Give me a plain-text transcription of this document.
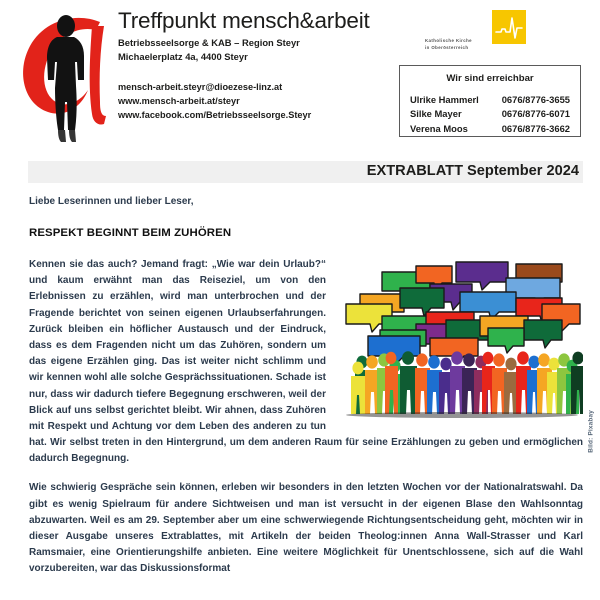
Treffpunkt mensch&arbeit
Betriebsseelsorge & KAB – Region Steyr
Michaelerplatz 4a, 4400 Steyr
mensch-arbeit.steyr@dioezese-linz.at
www.mensch-arbeit.at/steyr
www.facebook.com/Betriebsseelsorge.Steyr
Katholische Kirche
in Oberösterreich
Wir sind erreichbar
Ulrike Hammerl 0676/8776-3655
Silke Mayer	0676/8776-6071
Verena Moos	0676/8776-3662
EXTRABLATT September 2024
Liebe Leserinnen und lieber Leser,
RESPEKT BEGINNT BEIM ZUHÖREN
Bild: Pixabay
Kennen sie das auch? Jemand fragt: „Wie war dein Urlaub?“ und kaum erwähnt man das Reiseziel, um von den Erlebnissen zu erzählen, wird man unterbrochen und der Fragende berichtet von seinen eigenen Urlaubserfahrungen. Zurück bleiben ein höflicher Austausch und der Eindruck, dass es dem Fragenden nicht um das Zuhören, sondern um das eigene Erzählen ging. Das ist weiter nicht schlimm und wir kennen wohl alle solche Gesprächssituationen. Schade ist nur, dass wir dadurch tiefere Begegnung erschweren, weil der Blick auf uns selbst gerichtet bleibt. Wir ahnen, dass Zuhören mit Respekt und Achtung vor dem Leben des anderen zu tun hat. Wir selbst treten in den Hintergrund, um dem anderen Raum für seine Erzählungen zu geben und ermöglichen dadurch Begegnung.
Wie schwierig Gespräche sein können, erleben wir besonders in den letzten Wochen vor der Nationalratswahl. Da gibt es wenig Spielraum für andere Sichtweisen und man ist versucht in der eigenen Blase den Wahlsonntag abzuwarten. Weil es am 29. September aber um eine schwerwiegende Richtungsentscheidung geht, möchten wir in dieser Ausgabe unseres Extrablattes, mit Artikeln der beiden Theolog:innen Anna Wall-Strasser und Karl Ramsmaier, eine Orientierungshilfe anbieten. Eine weitere Möglichkeit für Unentschlossene, sich auf die Wahl vorzubereiten, war das Diskussionsformat
